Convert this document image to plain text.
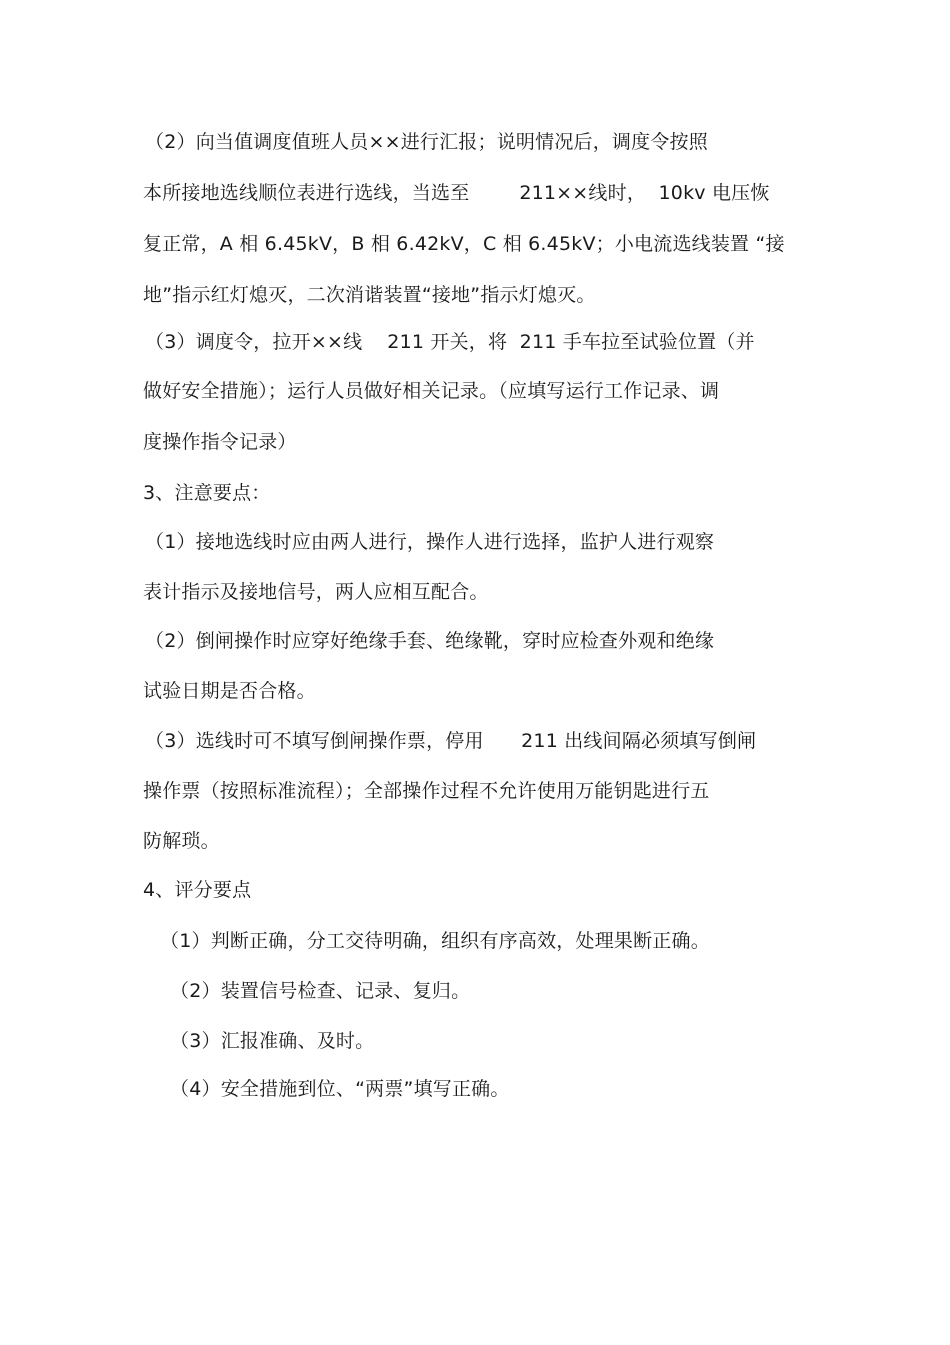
（2）向当值调度值班人员××进行汇报；说明情况后，调度令按照
本所接地选线顺位表进行选线，当选至        211××线时，  10kv 电压恢
复正常，A 相 6.45kV，B 相 6.42kV，C 相 6.45kV；小电流选线装置 “接
地”指示红灯熄灭，二次消谐装置“接地”指示灯熄灭。
（3）调度令，拉开××线    211 开关，将  211 手车拉至试验位置（并
做好安全措施）；运行人员做好相关记录。（应填写运行工作记录、调
度操作指令记录）
3、注意要点：
（1）接地选线时应由两人进行，操作人进行选择，监护人进行观察
表计指示及接地信号，两人应相互配合。
（2）倒闸操作时应穿好绝缘手套、绝缘靴，穿时应检查外观和绝缘
试验日期是否合格。
（3）选线时可不填写倒闸操作票，停用      211 出线间隔必须填写倒闸
操作票（按照标准流程）；全部操作过程不允许使用万能钥匙进行五
防解琐。
4、评分要点
（1）判断正确，分工交待明确，组织有序高效，处理果断正确。
（2）装置信号检查、记录、复归。
（3）汇报准确、及时。
（4）安全措施到位、“两票”填写正确。
